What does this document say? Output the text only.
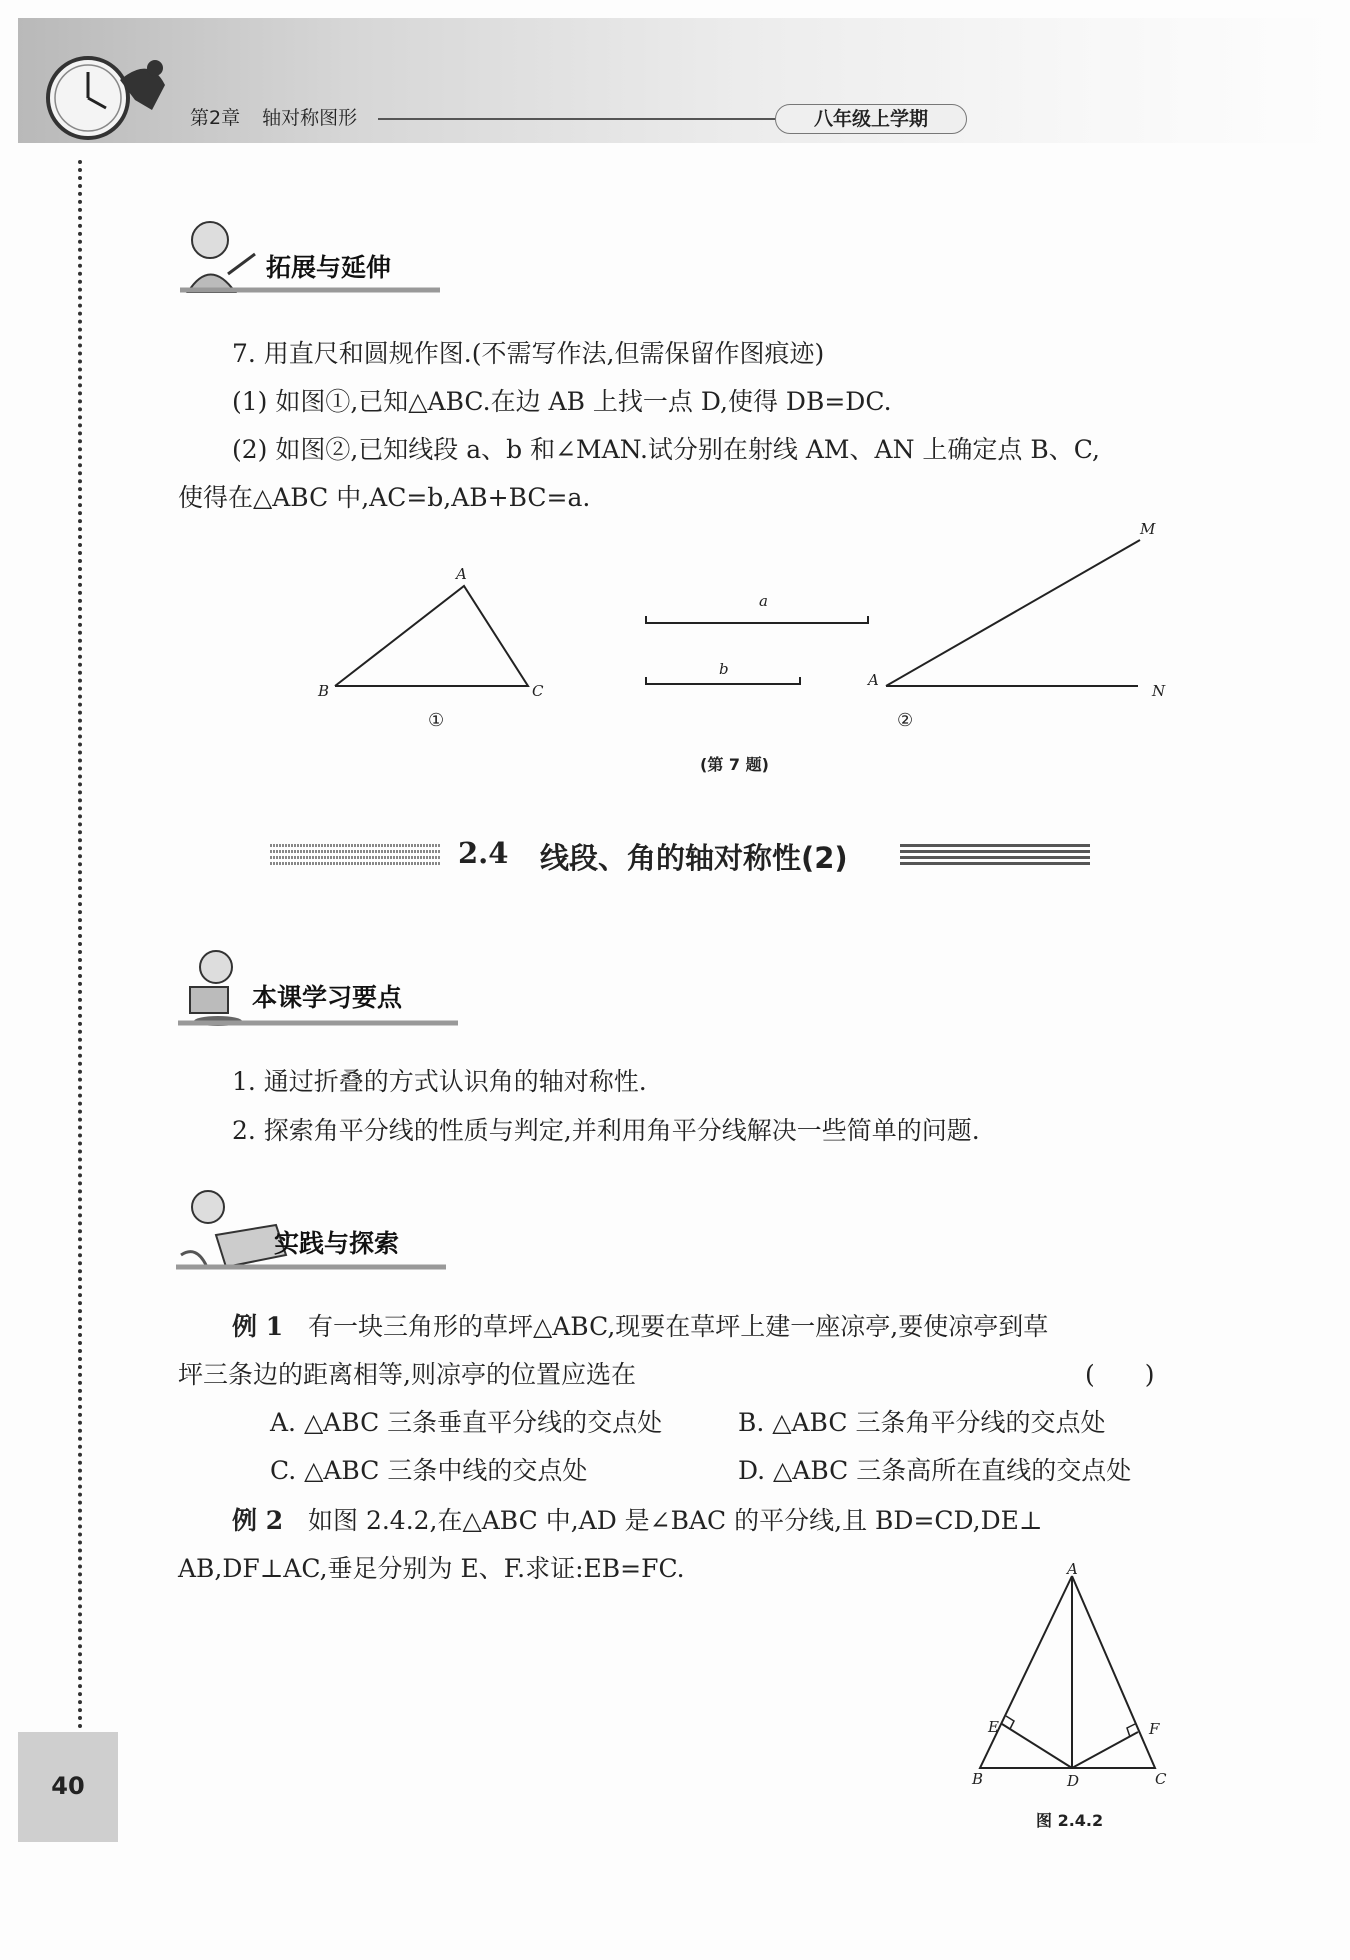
第2章 轴对称图形	八年级上学期
40
拓展与延伸
7. 用直尺和圆规作图.(不需写作法,但需保留作图痕迹)
(1) 如图①,已知△ABC.在边 AB 上找一点 D,使得 DB=DC.
(2) 如图②,已知线段 a、b 和∠MAN.试分别在射线 AM、AN 上确定点 B、C,
使得在△ABC 中,AC=b,AB+BC=a.
A
B	C
①
a
b
A
M
N
②
(第 7 题)
2.4 线段、角的轴对称性(2)
本课学习要点
1. 通过折叠的方式认识角的轴对称性.
2. 探索角平分线的性质与判定,并利用角平分线解决一些简单的问题.
实践与探索
例 1 有一块三角形的草坪△ABC,现要在草坪上建一座凉亭,要使凉亭到草
坪三条边的距离相等,则凉亭的位置应选在	(　　)
A. △ABC 三条垂直平分线的交点处	B. △ABC 三条角平分线的交点处
C. △ABC 三条中线的交点处	D. △ABC 三条高所在直线的交点处
例 2 如图 2.4.2,在△ABC 中,AD 是∠BAC 的平分线,且 BD=CD,DE⊥
AB,DF⊥AC,垂足分别为 E、F.求证:EB=FC.	A
B	C
D
E	F
图 2.4.2
